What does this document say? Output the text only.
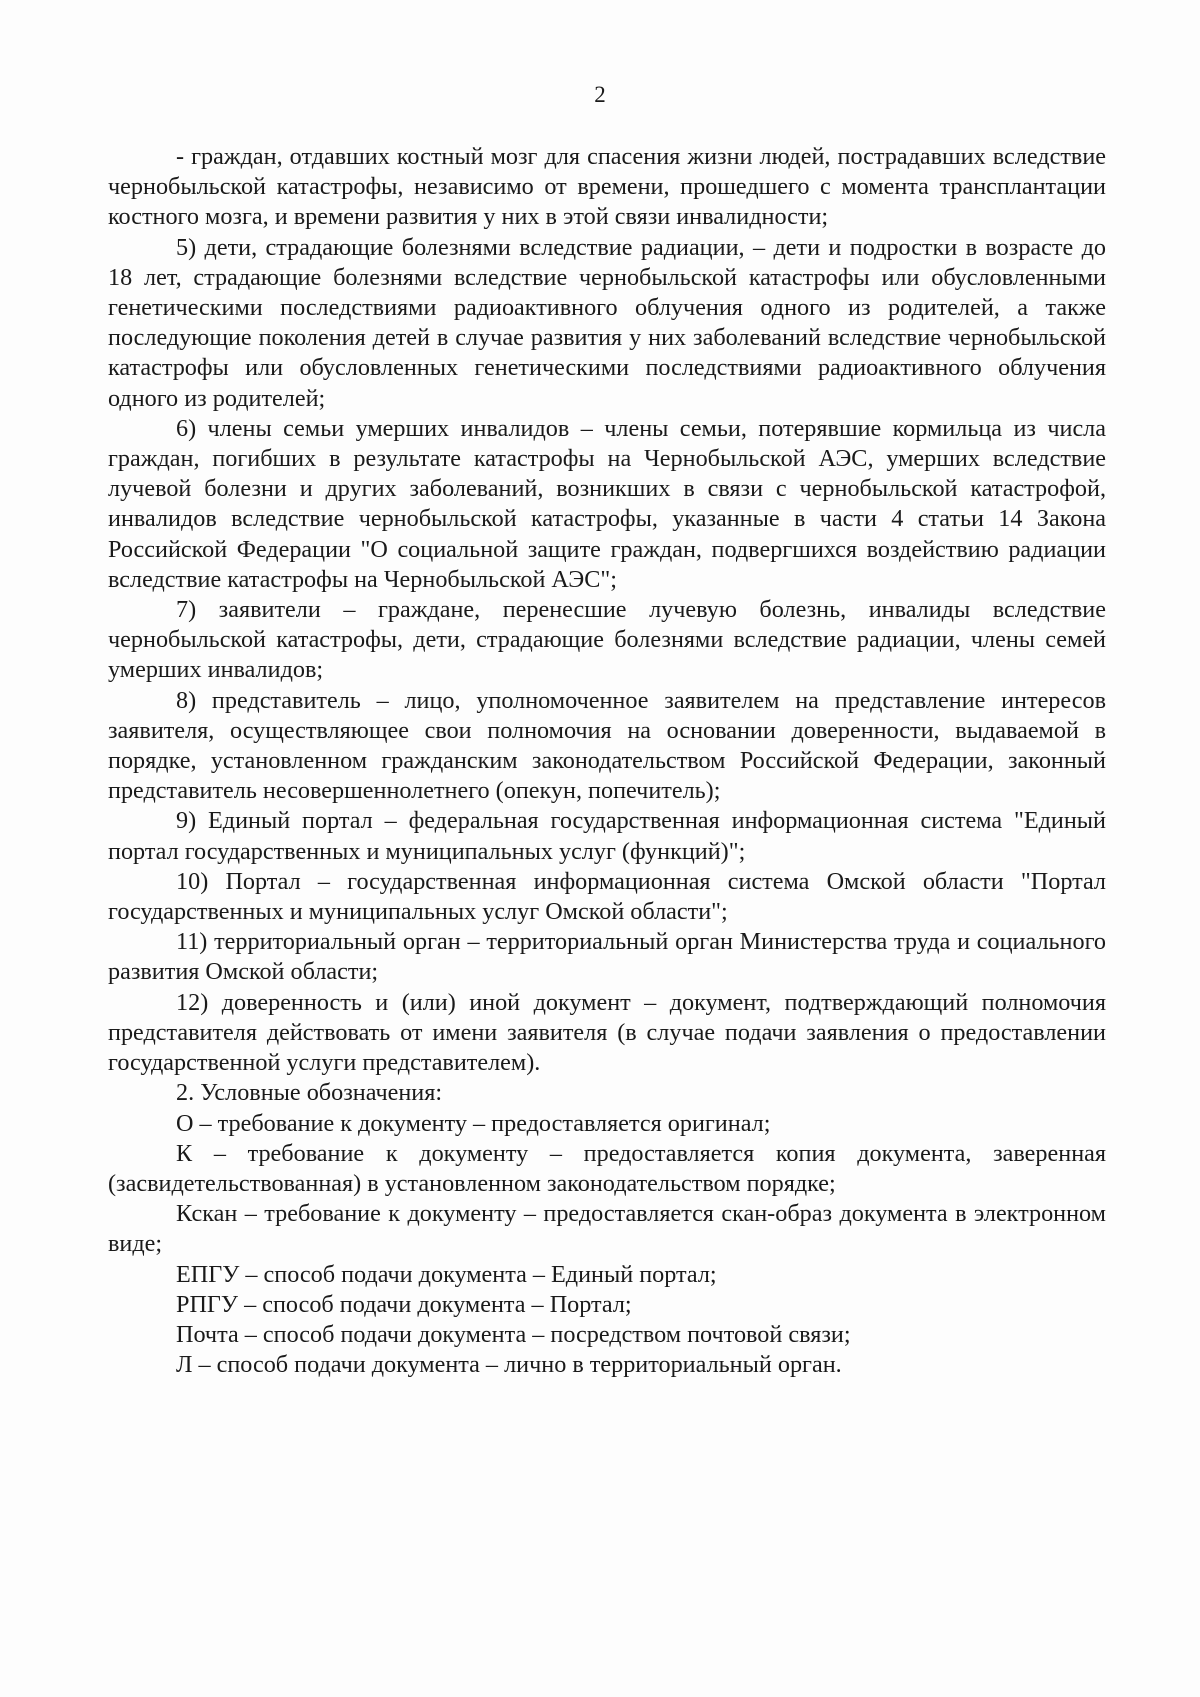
2

- граждан, отдавших костный мозг для спасения жизни людей, пострадавших вследствие чернобыльской катастрофы, независимо от времени, прошедшего с момента трансплантации костного мозга, и времени развития у них в этой связи инвалидности;

5) дети, страдающие болезнями вследствие радиации, – дети и подростки в возрасте до 18 лет, страдающие болезнями вследствие чернобыльской катастрофы или обусловленными генетическими последствиями радиоактивного облучения одного из родителей, а также последующие поколения детей в случае развития у них заболеваний вследствие чернобыльской катастрофы или обусловленных генетическими последствиями радиоактивного облучения одного из родителей;

6) члены семьи умерших инвалидов – члены семьи, потерявшие кормильца из числа граждан, погибших в результате катастрофы на Чернобыльской АЭС, умерших вследствие лучевой болезни и других заболеваний, возникших в связи с чернобыльской катастрофой, инвалидов вследствие чернобыльской катастрофы, указанные в части 4 статьи 14 Закона Российской Федерации "О социальной защите граждан, подвергшихся воздействию радиации вследствие катастрофы на Чернобыльской АЭС";

7) заявители – граждане, перенесшие лучевую болезнь, инвалиды вследствие чернобыльской катастрофы, дети, страдающие болезнями вследствие радиации, члены семей умерших инвалидов;

8) представитель – лицо, уполномоченное заявителем на представление интересов заявителя, осуществляющее свои полномочия на основании доверенности, выдаваемой в порядке, установленном гражданским законодательством Российской Федерации, законный представитель несовершеннолетнего (опекун, попечитель);

9) Единый портал – федеральная государственная информационная система "Единый портал государственных и муниципальных услуг (функций)";

10) Портал – государственная информационная система Омской области "Портал государственных и муниципальных услуг Омской области";

11) территориальный орган – территориальный орган Министерства труда и социального развития Омской области;

12) доверенность и (или) иной документ – документ, подтверждающий полномочия представителя действовать от имени заявителя (в случае подачи заявления о предоставлении государственной услуги представителем).

2. Условные обозначения:

О – требование к документу – предоставляется оригинал;

К – требование к документу – предоставляется копия документа, заверенная (засвидетельствованная) в установленном законодательством порядке;

Кскан – требование к документу – предоставляется скан-образ документа в электронном виде;

ЕПГУ – способ подачи документа – Единый портал;

РПГУ – способ подачи документа – Портал;

Почта – способ подачи документа – посредством почтовой связи;

Л – способ подачи документа – лично в территориальный орган.
